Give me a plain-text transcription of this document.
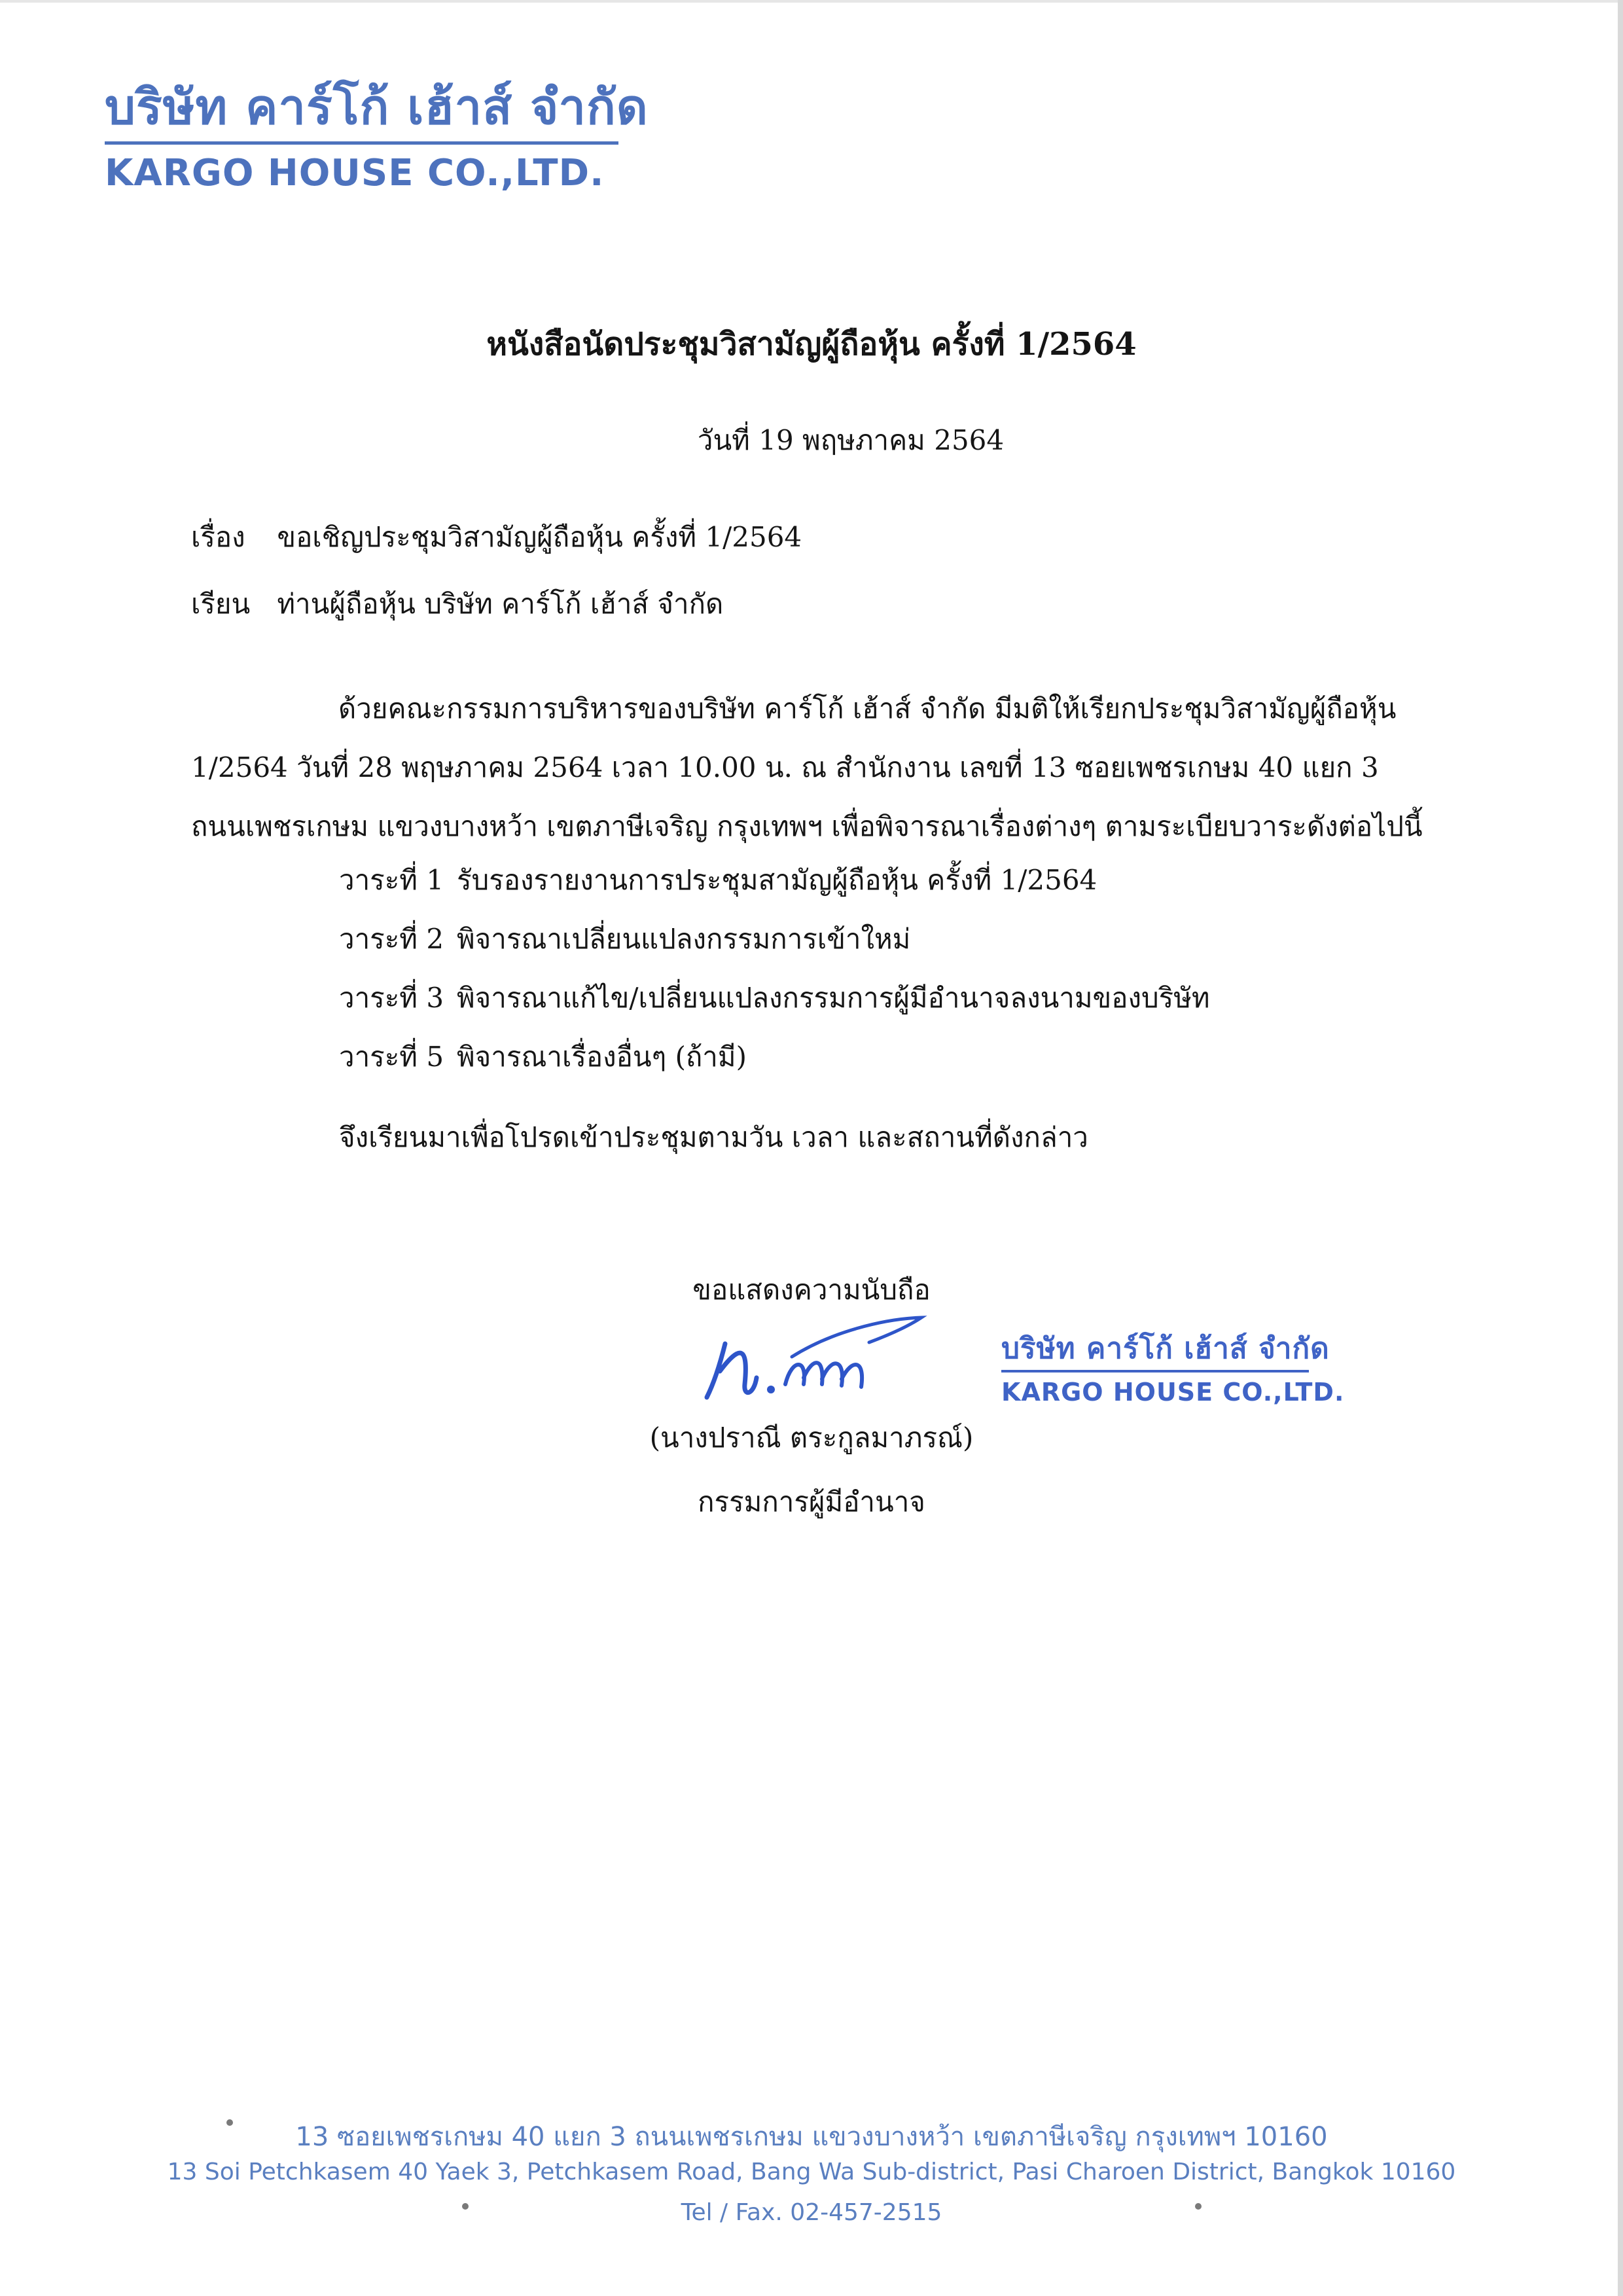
บริษัท คาร์โก้ เฮ้าส์ จำกัด
KARGO HOUSE CO.,LTD.
หนังสือนัดประชุมวิสามัญผู้ถือหุ้น ครั้งที่ 1/2564
วันที่ 19 พฤษภาคม 2564
เรื่อง ขอเชิญประชุมวิสามัญผู้ถือหุ้น ครั้งที่ 1/2564
เรียน ท่านผู้ถือหุ้น บริษัท คาร์โก้ เฮ้าส์ จำกัด

ด้วยคณะกรรมการบริหารของบริษัท คาร์โก้ เฮ้าส์ จำกัด มีมติให้เรียกประชุมวิสามัญผู้ถือหุ้น 1/2564 วันที่ 28 พฤษภาคม 2564 เวลา 10.00 น. ณ สำนักงาน เลขที่ 13 ซอยเพชรเกษม 40 แยก 3 ถนนเพชรเกษม แขวงบางหว้า เขตภาษีเจริญ กรุงเทพฯ เพื่อพิจารณาเรื่องต่างๆ ตามระเบียบวาระดังต่อไปนี้

วาระที่ 1 รับรองรายงานการประชุมสามัญผู้ถือหุ้น ครั้งที่ 1/2564
วาระที่ 2 พิจารณาเปลี่ยนแปลงกรรมการเข้าใหม่
วาระที่ 3 พิจารณาแก้ไข/เปลี่ยนแปลงกรรมการผู้มีอำนาจลงนามของบริษัท
วาระที่ 5 พิจารณาเรื่องอื่นๆ (ถ้ามี)
จึงเรียนมาเพื่อโปรดเข้าประชุมตามวัน เวลา และสถานที่ดังกล่าว
ขอแสดงความนับถือ
บริษัท คาร์โก้ เฮ้าส์ จำกัด
KARGO HOUSE CO.,LTD.
(นางปราณี ตระกูลมาภรณ์)
กรรมการผู้มีอำนาจ
13 ซอยเพชรเกษม 40 แยก 3 ถนนเพชรเกษม แขวงบางหว้า เขตภาษีเจริญ กรุงเทพฯ 10160
13 Soi Petchkasem 40 Yaek 3, Petchkasem Road, Bang Wa Sub-district, Pasi Charoen District, Bangkok 10160
Tel / Fax. 02-457-2515
